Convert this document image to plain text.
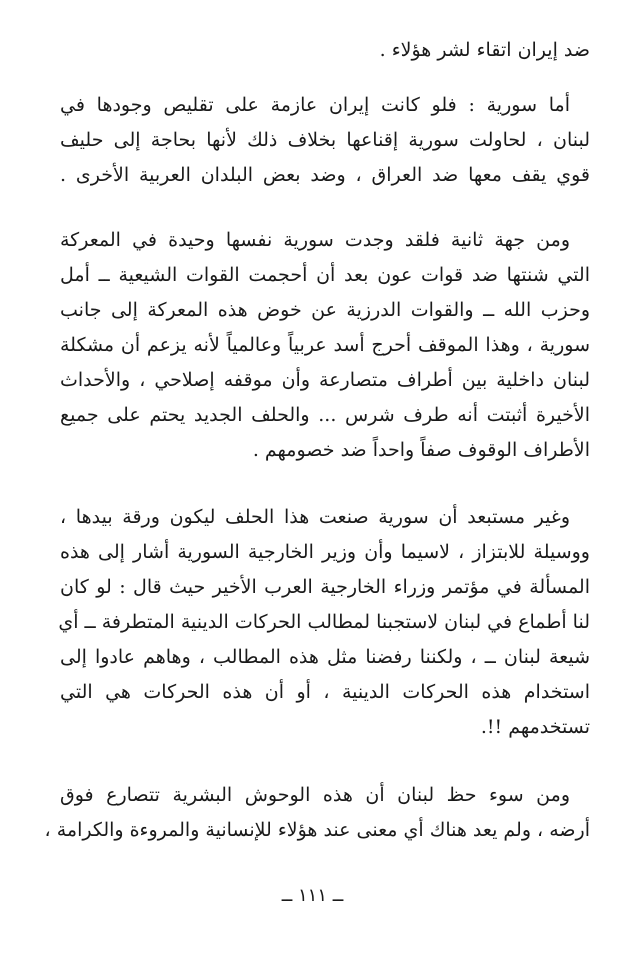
ضد إيران اتقاء لشر هؤلاء .
أما سورية : فلو كانت إيران عازمة على تقليص وجودها في
لبنان ، لحاولت سورية إقناعها بخلاف ذلك لأنها بحاجة إلى حليف
قوي يقف معها ضد العراق ، وضد بعض البلدان العربية الأخرى .
ومن جهة ثانية فلقد وجدت سورية نفسها وحيدة في المعركة
التي شنتها ضد قوات عون بعد أن أحجمت القوات الشيعية ــ أمل
وحزب الله ــ والقوات الدرزية عن خوض هذه المعركة إلى جانب
سورية ، وهذا الموقف أحرج أسد عربياً وعالمياً لأنه يزعم أن مشكلة
لبنان داخلية بين أطراف متصارعة وأن موقفه إصلاحي ، والأحداث
الأخيرة أثبتت أنه طرف شرس ... والحلف الجديد يحتم على جميع
الأطراف الوقوف صفاً واحداً ضد خصومهم .
وغير مستبعد أن سورية صنعت هذا الحلف ليكون ورقة بيدها ،
ووسيلة للابتزاز ، لاسيما وأن وزير الخارجية السورية أشار إلى هذه
المسألة في مؤتمر وزراء الخارجية العرب الأخير حيث قال : لو كان
لنا أطماع في لبنان لاستجبنا لمطالب الحركات الدينية المتطرفة ــ أي
شيعة لبنان ــ ، ولكننا رفضنا مثل هذه المطالب ، وهاهم عادوا إلى
استخدام هذه الحركات الدينية ، أو أن هذه الحركات هي التي
تستخدمهم !!.
ومن سوء حظ لبنان أن هذه الوحوش البشرية تتصارع فوق
أرضه ، ولم يعد هناك أي معنى عند هؤلاء للإنسانية والمروءة والكرامة ،
ــ ١١١ ــ
